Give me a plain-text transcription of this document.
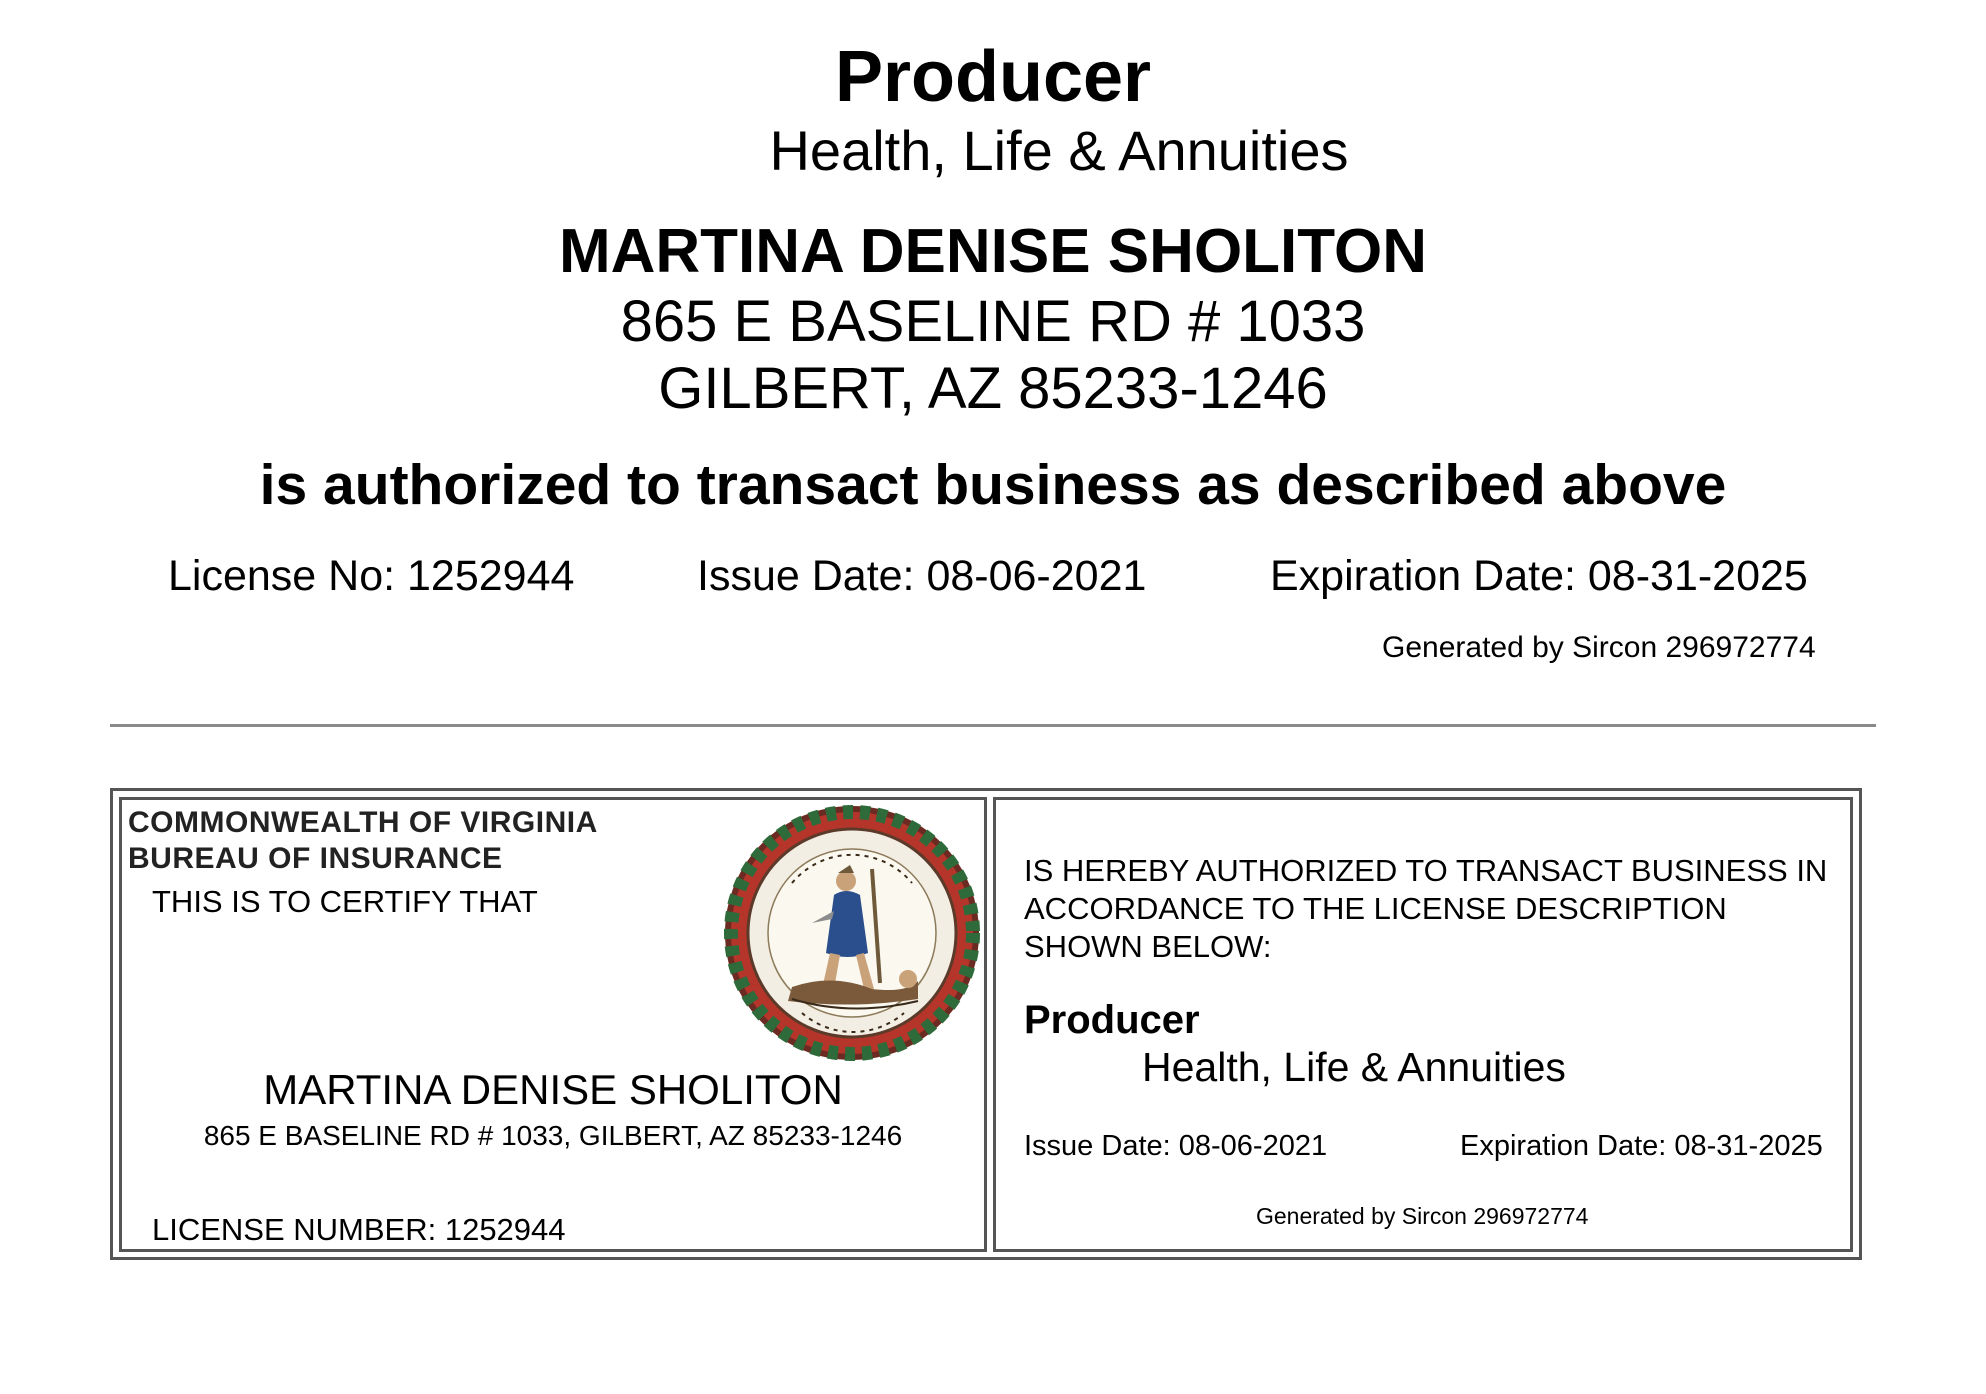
Producer
Health, Life & Annuities
MARTINA DENISE SHOLITON
865 E BASELINE RD # 1033
GILBERT, AZ 85233-1246
is authorized to transact business as described above
License No: 1252944	Issue Date: 08-06-2021	Expiration Date: 08-31-2025
Generated by Sircon 296972774
COMMONWEALTH OF VIRGINIA
BUREAU OF INSURANCE
THIS IS TO CERTIFY THAT
MARTINA DENISE SHOLITON
865 E BASELINE RD # 1033, GILBERT, AZ 85233-1246
LICENSE NUMBER: 1252944
IS HEREBY AUTHORIZED TO TRANSACT BUSINESS IN ACCORDANCE TO THE LICENSE DESCRIPTION SHOWN BELOW:
Producer
Health, Life & Annuities
Issue Date: 08-06-2021	Expiration Date: 08-31-2025
Generated by Sircon 296972774
